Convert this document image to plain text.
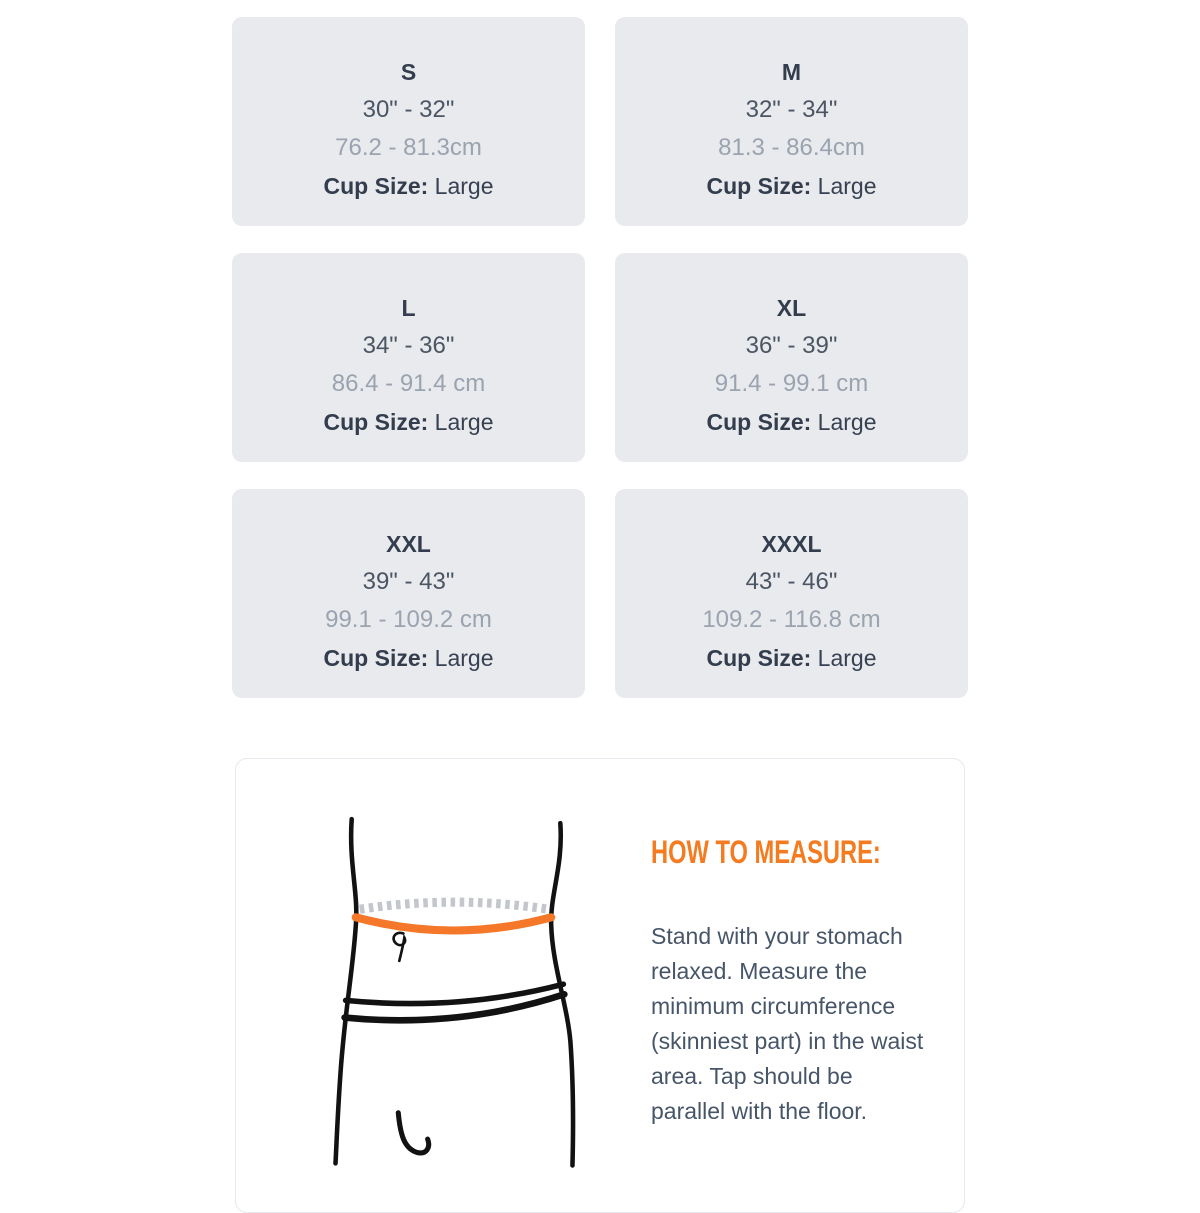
S
30" - 32"
76.2 - 81.3cm
Cup Size: Large
M
32" - 34"
81.3 - 86.4cm
Cup Size: Large
L
34" - 36"
86.4 - 91.4 cm
Cup Size: Large
XL
36" - 39"
91.4 - 99.1 cm
Cup Size: Large
XXL
39" - 43"
99.1 - 109.2 cm
Cup Size: Large
XXXL
43" - 46"
109.2 - 116.8 cm
Cup Size: Large
HOW TO MEASURE:

Stand with your stomach relaxed. Measure the minimum circumference (skinniest part) in the waist area. Tap should be parallel with the floor.
